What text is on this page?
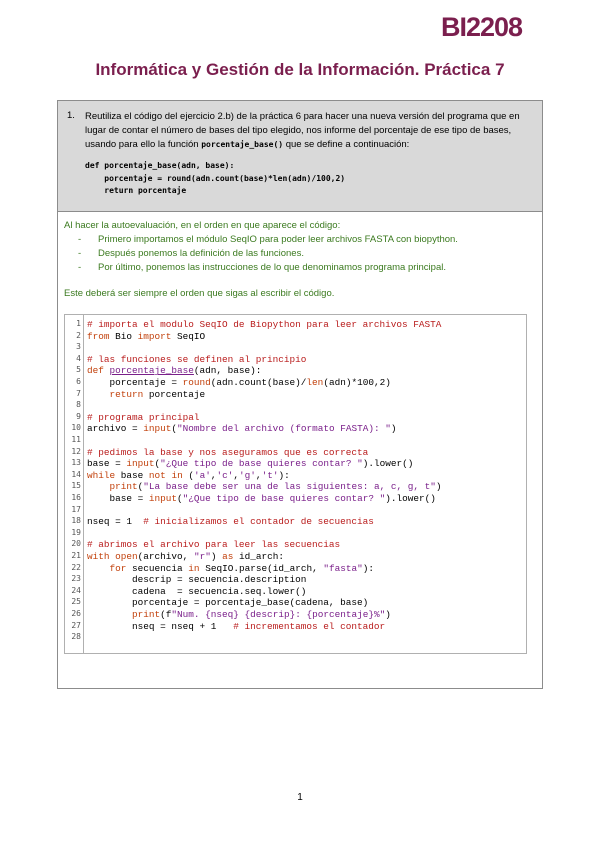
BI2208
Informática y Gestión de la Información. Práctica 7
1. Reutiliza el código del ejercicio 2.b) de la práctica 6 para hacer una nueva versión del programa que en lugar de contar el número de bases del tipo elegido, nos informe del porcentaje de ese tipo de bases, usando para ello la función porcentaje_base() que se define a continuación:
def porcentaje_base(adn, base):
porcentaje = round(adn.count(base)*len(adn)/100,2)
return porcentaje
Al hacer la autoevaluación, en el orden en que aparece el código:
- Primero importamos el módulo SeqIO para poder leer archivos FASTA con biopython.
- Después ponemos la definición de las funciones.
- Por último, ponemos las instrucciones de lo que denominamos programa principal.
Este deberá ser siempre el orden que sigas al escribir el código.
1
2
3
4
5
6
7
8
9
10
11
12
13
14
15
16
17
18
19
20
21
22
23
24
25
26
27
28
# importa el modulo SeqIO de Biopython para leer archivos FASTA
from Bio import SeqIO
# las funciones se definen al principio
def porcentaje_base(adn, base):
porcentaje = round(adn.count(base)/len(adn)*100,2)
return porcentaje
# programa principal
archivo = input("Nombre del archivo (formato FASTA): ")
# pedimos la base y nos aseguramos que es correcta
base = input("¿Que tipo de base quieres contar? ").lower()
while base not in ('a','c','g','t'):
print("La base debe ser una de las siguientes: a, c, g, t")
base = input("¿Que tipo de base quieres contar? ").lower()
nseq = 1  # inicializamos el contador de secuencias
# abrimos el archivo para leer las secuencias
with open(archivo, "r") as id_arch:
for secuencia in SeqIO.parse(id_arch, "fasta"):
descrip = secuencia.description
cadena  = secuencia.seq.lower()
porcentaje = porcentaje_base(cadena, base)
print(f"Num. {nseq} {descrip}: {porcentaje}%")
nseq = nseq + 1   # incrementamos el contador
1
